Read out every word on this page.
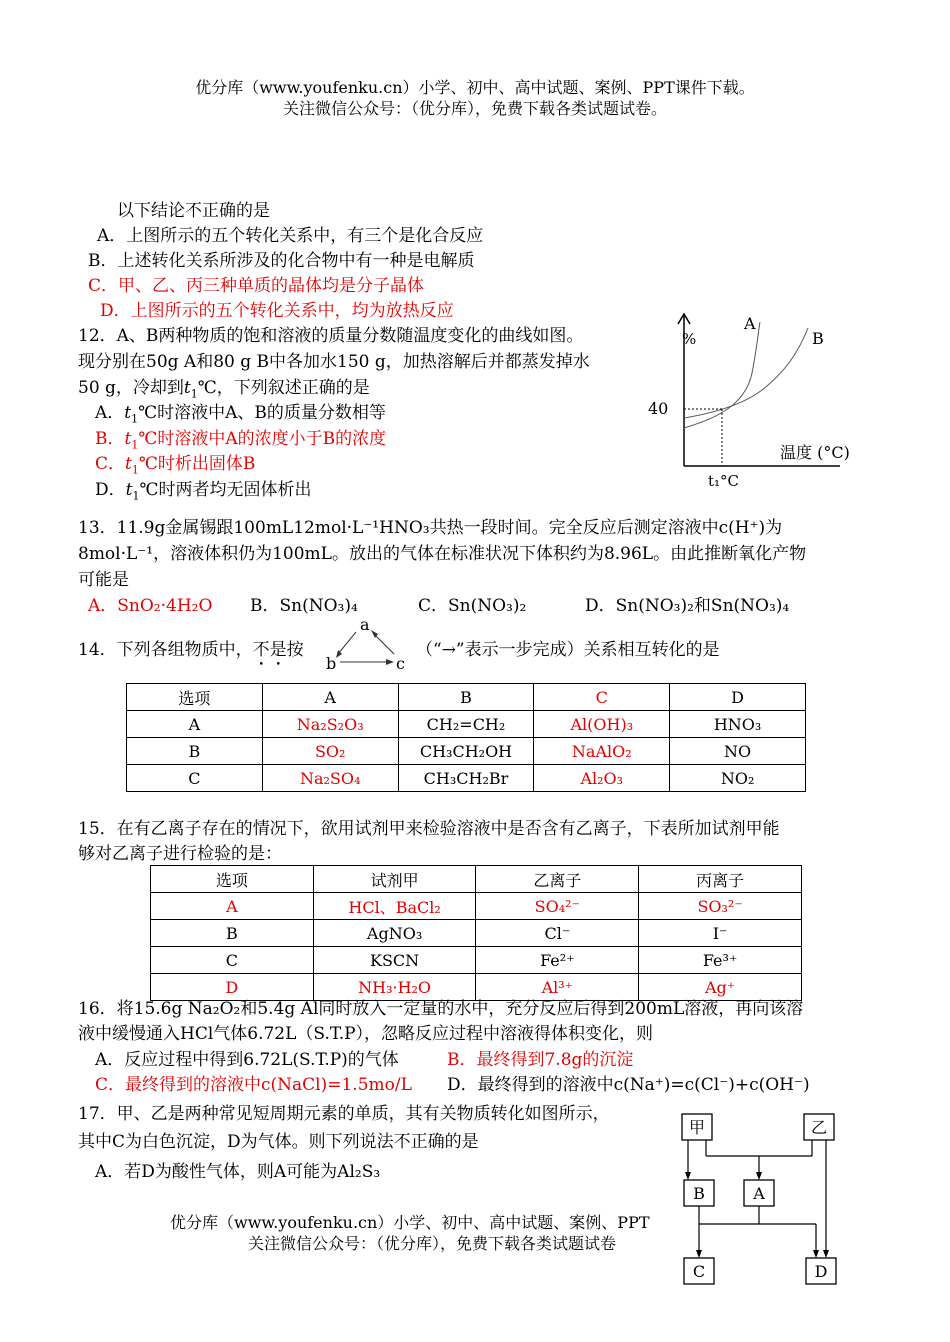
优分库（www.youfenku.cn）小学、初中、高中试题、案例、PPT课件下载。
关注微信公众号：（优分库），免费下载各类试题试卷。
以下结论不正确的是
A．上图所示的五个转化关系中，有三个是化合反应
B．上述转化关系所涉及的化合物中有一种是电解质
C．甲、乙、丙三种单质的晶体均是分子晶体
D．上图所示的五个转化关系中，均为放热反应
12．A、B两种物质的饱和溶液的质量分数随温度变化的曲线如图。
现分别在50g A和80 g B中各加水150 g，加热溶解后并都蒸发掉水
50 g，冷却到$t_1℃$，下列叙述正确的是
A．$t_1℃$时溶液中A、B的质量分数相等
B．$t_1℃$时溶液中A的浓度小于B的浓度
C．$t_1℃$时析出固体B
D．$t_1℃$时两者均无固体析出
%
A
B
40
温度 (°C)
t₁°C
13．11.9g金属锡跟100mL12mol·L⁻¹HNO₃共热一段时间。完全反应后测定溶液中c(H⁺)为
8mol·L⁻¹，溶液体积仍为100mL。放出的气体在标准状况下体积约为8.96L。由此推断氧化产物
可能是
A．SnO₂·4H₂O B．Sn(NO₃)₄	C．Sn(NO₃)₂	D．Sn(NO₃)₂和Sn(NO₃)₄
14．下列各组物质中，不是按
a
b	c
（“→”表示一步完成）关系相互转化的是
选项	A	B	C	D
A	Na₂S₂O₃	CH₂=CH₂	Al(OH)₃	HNO₃
B	SO₂	CH₃CH₂OH	NaAlO₂	NO
C	Na₂SO₄	CH₃CH₂Br	Al₂O₃	NO₂
15．在有乙离子存在的情况下，欲用试剂甲来检验溶液中是否含有乙离子，下表所加试剂甲能
够对乙离子进行检验的是：
选项	试剂甲	乙离子	丙离子
A	HCl、BaCl₂	SO₄²⁻	SO₃²⁻
B	AgNO₃	Cl⁻	I⁻
C	KSCN	Fe²⁺	Fe³⁺
D	NH₃·H₂O	Al³⁺	Ag⁺
16．将15.6g Na₂O₂和5.4g Al同时放入一定量的水中，充分反应后得到200mL溶液，再向该溶
液中缓慢通入HCl气体6.72L（S.T.P），忽略反应过程中溶液得体积变化，则
A．反应过程中得到6.72L(S.T.P)的气体	B．最终得到7.8g的沉淀
C．最终得到的溶液中c(NaCl)=1.5mo/L D．最终得到的溶液中c(Na⁺)=c(Cl⁻)+c(OH⁻)
17．甲、乙是两种常见短周期元素的单质，其有关物质转化如图所示，
其中C为白色沉淀，D为气体。则下列说法不正确的是
A．若D为酸性气体，则A可能为Al₂S₃
甲	乙
B	A
C	D
优分库（www.youfenku.cn）小学、初中、高中试题、案例、PPT
关注微信公众号：（优分库），免费下载各类试题试卷
